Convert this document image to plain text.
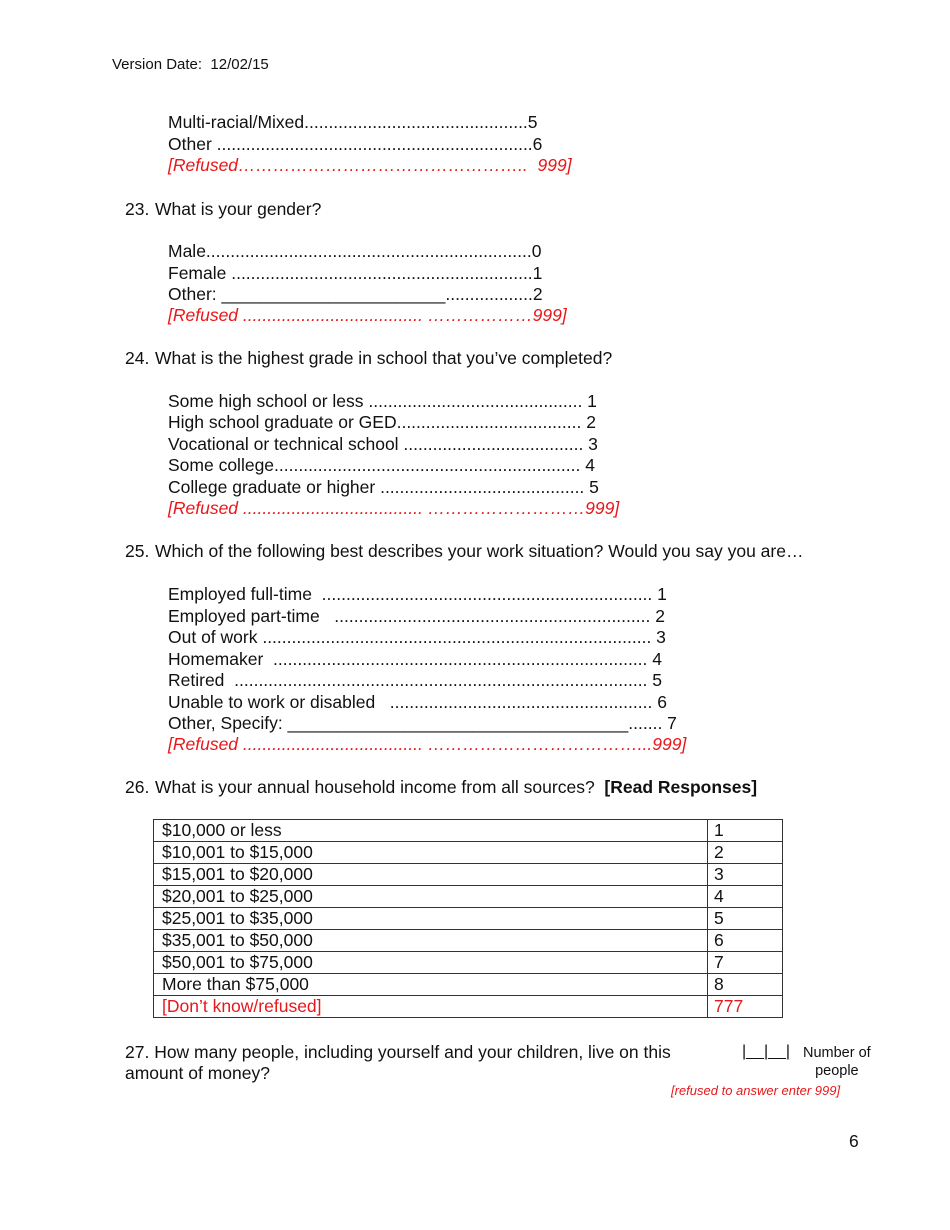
Version Date:  12/02/15
Multi-racial/Mixed..............................................5
Other .................................................................6
[Refused…………………………………………..  999]
23. What is your gender?
Male...................................................................0
Female ..............................................................1
Other: _______________________..................2
[Refused ..................................... ………………999]
24. What is the highest grade in school that you’ve completed?
Some high school or less ............................................ 1
High school graduate or GED...................................... 2
Vocational or technical school ..................................... 3
Some college............................................................... 4
College graduate or higher .......................................... 5
[Refused ..................................... ………………………999]
25. Which of the following best describes your work situation? Would you say you are…
Employed full-time  .................................................................... 1
Employed part-time   ................................................................. 2
Out of work ................................................................................ 3
Homemaker  ............................................................................. 4
Retired  ..................................................................................... 5
Unable to work or disabled   ...................................................... 6
Other, Specify: ___________________________________....... 7
[Refused ..................................... ………………………………...999]
26. What is your annual household income from all sources?  [Read Responses]
$10,000 or less	1
$10,001 to $15,000	2
$15,001 to $20,000	3
$20,001 to $25,000	4
$25,001 to $35,000	5
$35,001 to $50,000	6
$50,001 to $75,000	7
More than $75,000	8
[Don’t know/refused]	777
27. How many people, including yourself and your children, live on this amount of money?
|__|__| Number of
people
[refused to answer enter 999]
6
